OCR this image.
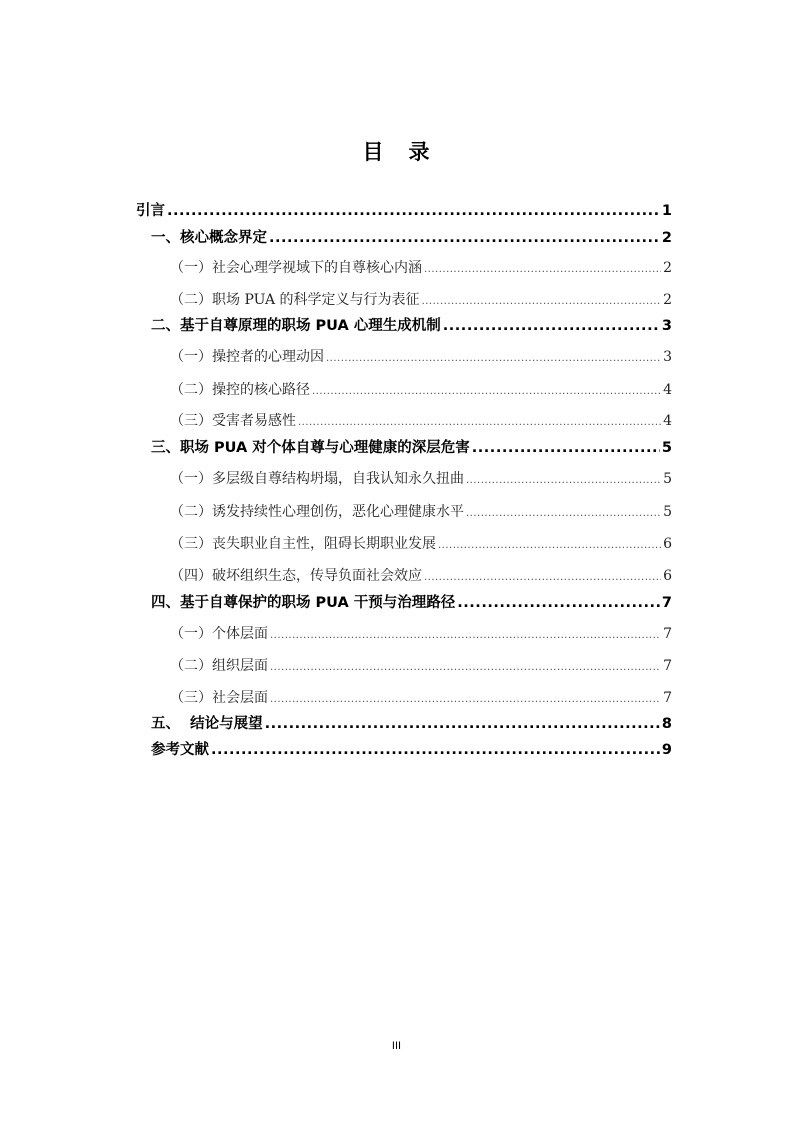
目 录
引言 .....	1
一、核心概念界定 .....	2
（一）社会心理学视域下的自尊核心内涵 .....	2
（二）职场 PUA 的科学定义与行为表征 .....	2
二、基于自尊原理的职场 PUA 心理生成机制 .....	3
（一）操控者的心理动因 .....	3
（二）操控的核心路径 .....	4
（三）受害者易感性 .....	4
三、职场 PUA 对个体自尊与心理健康的深层危害 .....	5
（一）多层级自尊结构坍塌，自我认知永久扭曲 .....	5
（二）诱发持续性心理创伤，恶化心理健康水平 .....	5
（三）丧失职业自主性，阻碍长期职业发展 .....	6
（四）破坏组织生态，传导负面社会效应 .....	6
四、基于自尊保护的职场 PUA 干预与治理路径 .....	7
（一）个体层面 .....	7
（二）组织层面 .....	7
（三）社会层面 .....	7
五、  结论与展望 .....	8
参考文献 .....	9
III
